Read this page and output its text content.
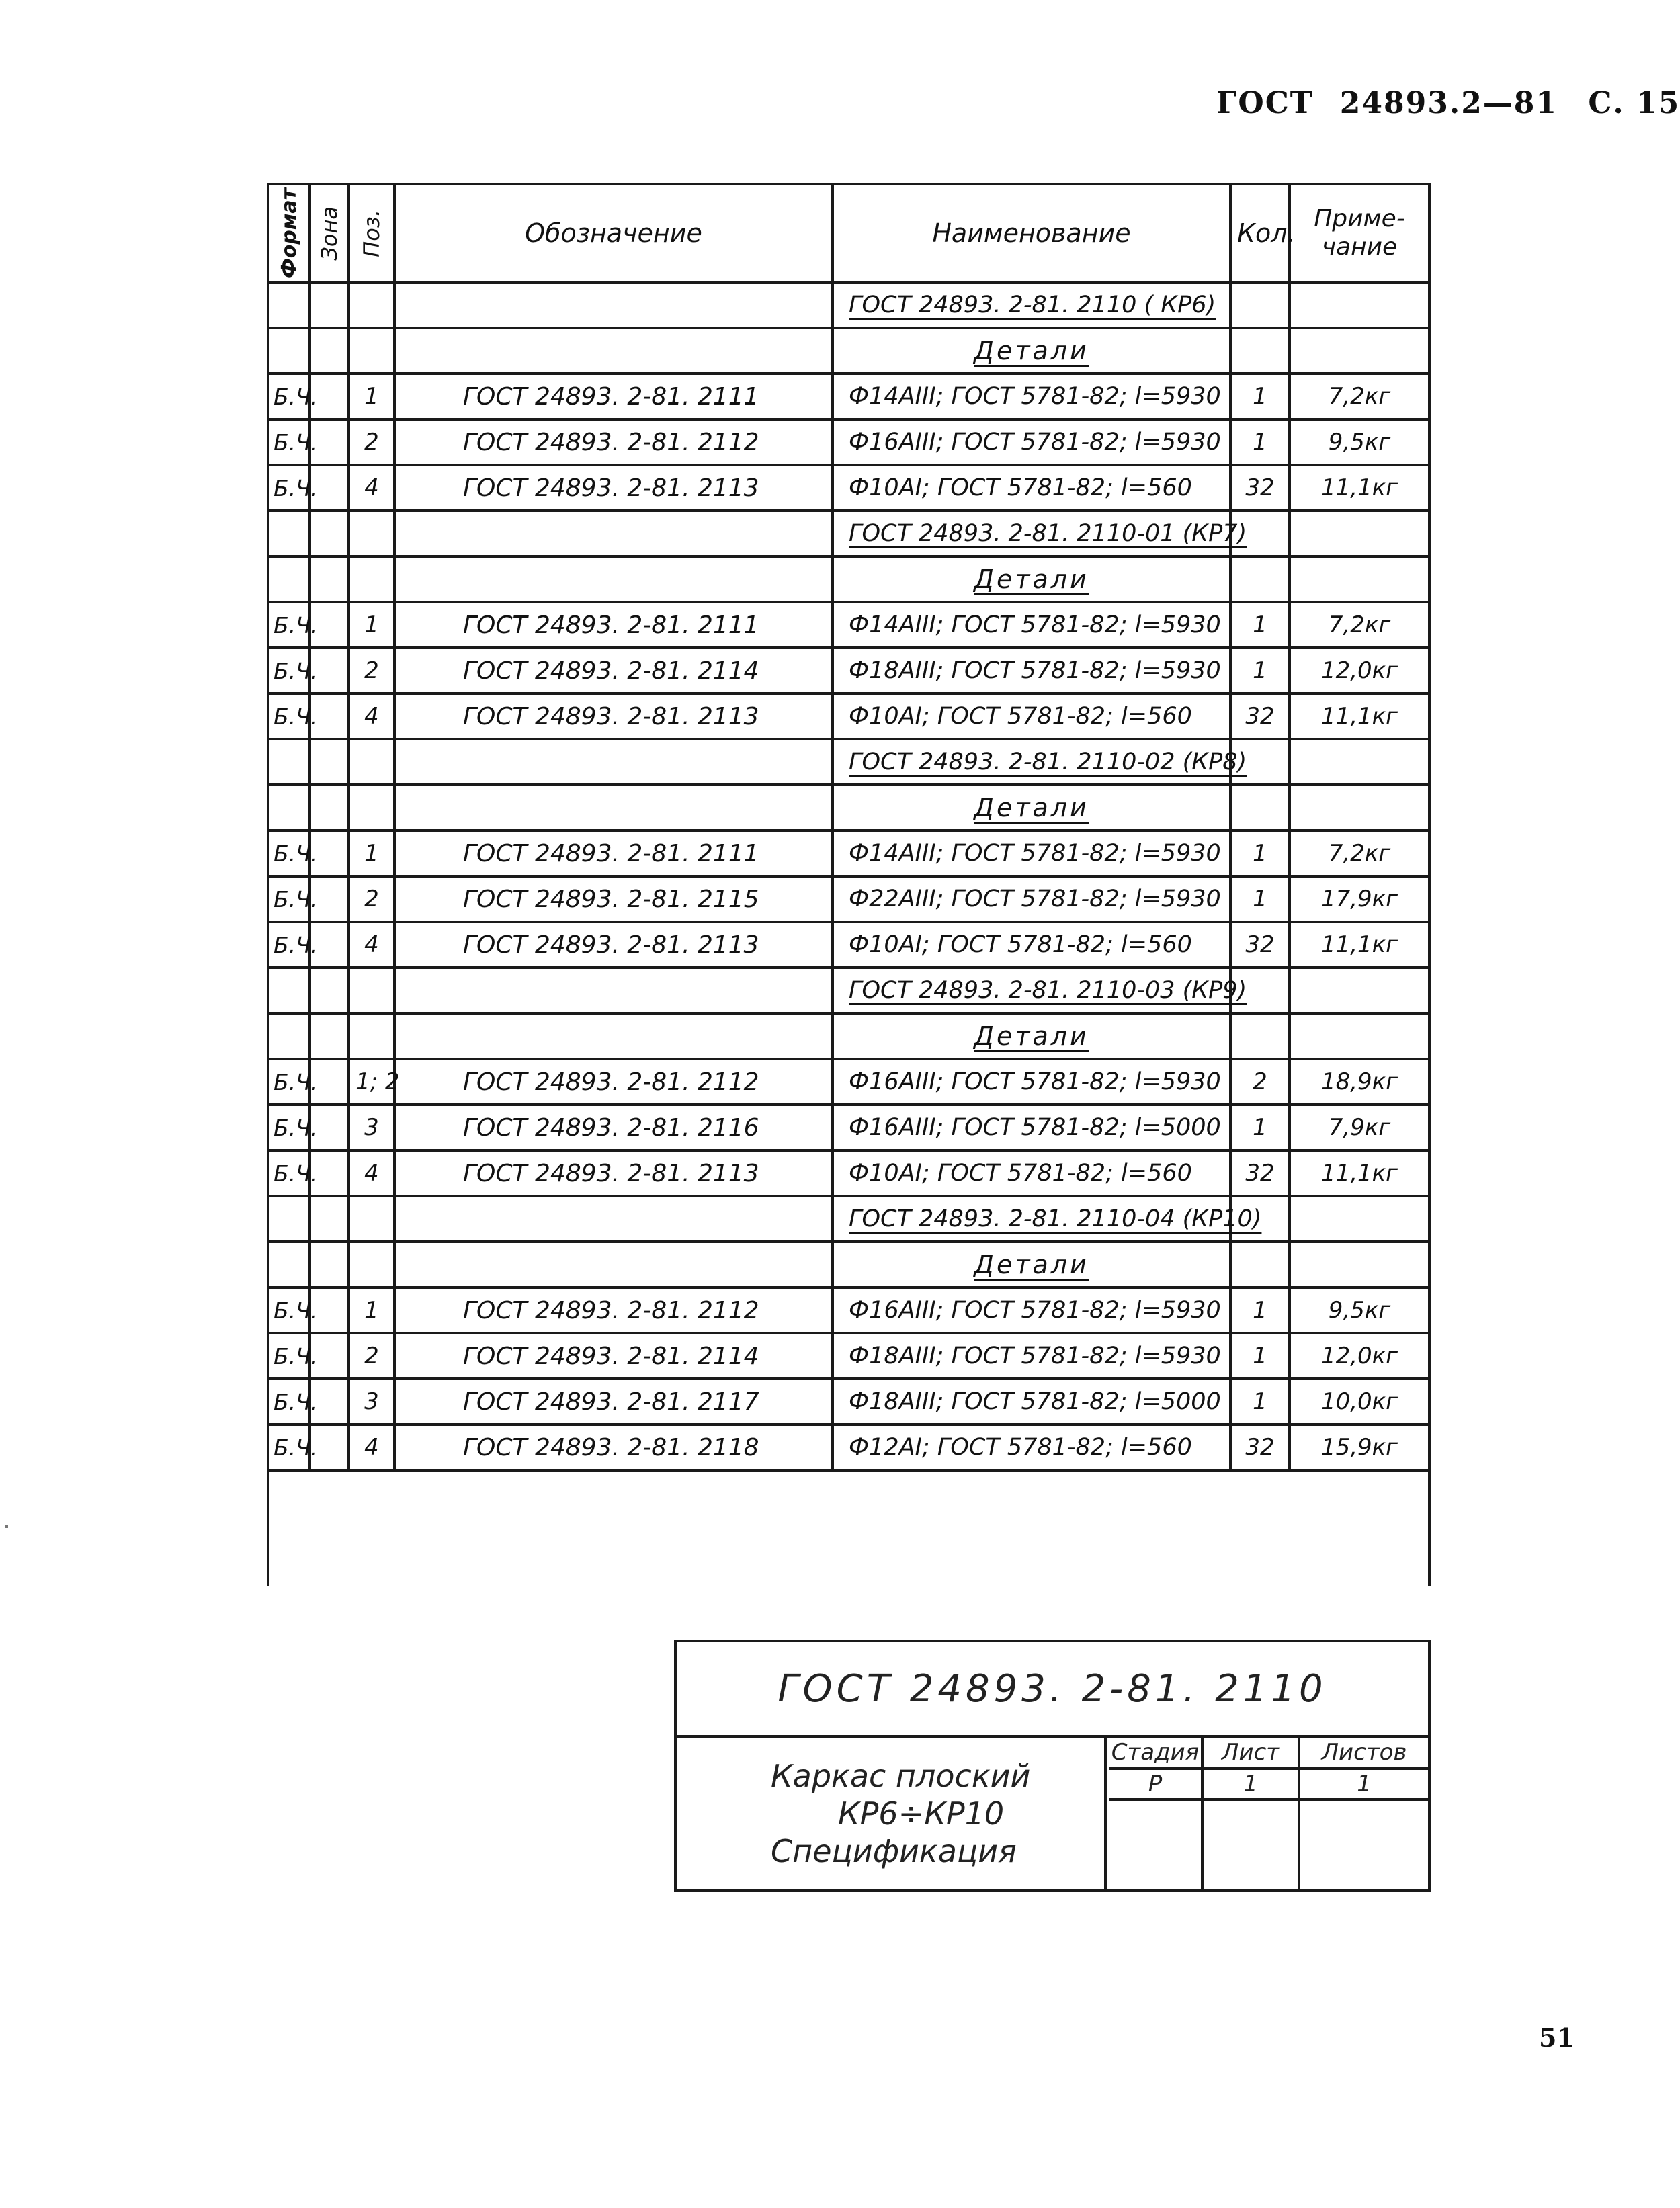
ГОСТ 24893.2—81 С. 15
Формат	Зона	Поз.	Обозначение	Наименование	Кол.	Приме-чание
				ГОСТ 24893. 2-81. 2110 ( КР6)		
				Детали		
Б.Ч.		1	ГОСТ 24893. 2-81. 2111	Ф14АIII; ГОСТ 5781-82; l=5930	1	7,2кг
Б.Ч.		2	ГОСТ 24893. 2-81. 2112	Ф16АIII; ГОСТ 5781-82; l=5930	1	9,5кг
Б.Ч.		4	ГОСТ 24893. 2-81. 2113	Ф10АI; ГОСТ 5781-82; l=560	32	11,1кг
				ГОСТ 24893. 2-81. 2110-01 (КР7)		
				Детали		
Б.Ч.		1	ГОСТ 24893. 2-81. 2111	Ф14АIII; ГОСТ 5781-82; l=5930	1	7,2кг
Б.Ч.		2	ГОСТ 24893. 2-81. 2114	Ф18АIII; ГОСТ 5781-82; l=5930	1	12,0кг
Б.Ч.		4	ГОСТ 24893. 2-81. 2113	Ф10АI; ГОСТ 5781-82; l=560	32	11,1кг
				ГОСТ 24893. 2-81. 2110-02 (КР8)		
				Детали		
Б.Ч.		1	ГОСТ 24893. 2-81. 2111	Ф14АIII; ГОСТ 5781-82; l=5930	1	7,2кг
Б.Ч.		2	ГОСТ 24893. 2-81. 2115	Ф22АIII; ГОСТ 5781-82; l=5930	1	17,9кг
Б.Ч.		4	ГОСТ 24893. 2-81. 2113	Ф10АI; ГОСТ 5781-82; l=560	32	11,1кг
				ГОСТ 24893. 2-81. 2110-03 (КР9)		
				Детали		
Б.Ч.		1; 2	ГОСТ 24893. 2-81. 2112	Ф16АIII; ГОСТ 5781-82; l=5930	2	18,9кг
Б.Ч.		3	ГОСТ 24893. 2-81. 2116	Ф16АIII; ГОСТ 5781-82; l=5000	1	7,9кг
Б.Ч.		4	ГОСТ 24893. 2-81. 2113	Ф10АI; ГОСТ 5781-82; l=560	32	11,1кг
				ГОСТ 24893. 2-81. 2110-04 (КР10)		
				Детали		
Б.Ч.		1	ГОСТ 24893. 2-81. 2112	Ф16АIII; ГОСТ 5781-82; l=5930	1	9,5кг
Б.Ч.		2	ГОСТ 24893. 2-81. 2114	Ф18АIII; ГОСТ 5781-82; l=5930	1	12,0кг
Б.Ч.		3	ГОСТ 24893. 2-81. 2117	Ф18АIII; ГОСТ 5781-82; l=5000	1	10,0кг
Б.Ч.		4	ГОСТ 24893. 2-81. 2118	Ф12АI; ГОСТ 5781-82; l=560	32	15,9кг

ГОСТ 24893. 2-81. 2110
Каркас плоский
КР6÷КР10
Спецификация
Стадия Лист	Листов
Р	1	1
51
